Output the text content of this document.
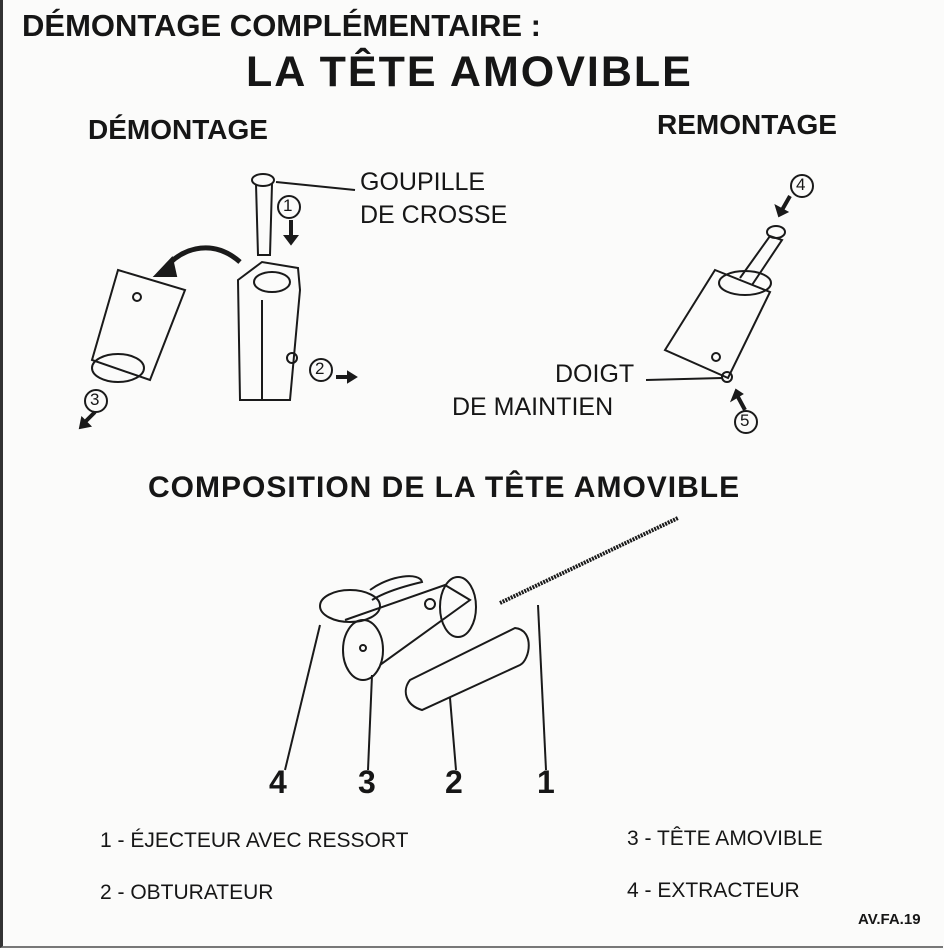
DÉMONTAGE COMPLÉMENTAIRE :
LA TÊTE AMOVIBLE
DÉMONTAGE	REMONTAGE
GOUPILLE
DE CROSSE
DOIGT
DE MAINTIEN
COMPOSITION DE LA TÊTE AMOVIBLE
1
2
3
4
5
4 3 2 1
1 - ÉJECTEUR AVEC RESSORT
2 - OBTURATEUR
3 - TÊTE AMOVIBLE
4 - EXTRACTEUR
AV.FA.19
